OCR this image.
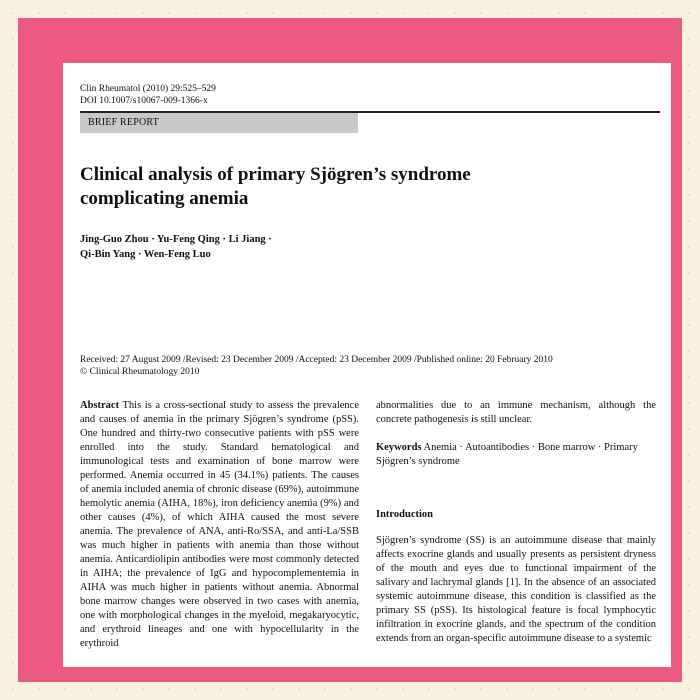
Clin Rheumatol (2010) 29:525–529
DOI 10.1007/s10067-009-1366-x
BRIEF REPORT
Clinical analysis of primary Sjögren’s syndrome complicating anemia
Jing-Guo Zhou · Yu-Feng Qing · Li Jiang ·
Qi-Bin Yang · Wen-Feng Luo
Received: 27 August 2009 /Revised: 23 December 2009 /Accepted: 23 December 2009 /Published online: 20 February 2010
© Clinical Rheumatology 2010

Abstract This is a cross-sectional study to assess the prevalence and causes of anemia in the primary Sjögren’s syndrome (pSS). One hundred and thirty-two consecutive patients with pSS were enrolled into the study. Standard hematological and immunological tests and examination of bone marrow were performed. Anemia occurred in 45 (34.1%) patients. The causes of anemia included anemia of chronic disease (69%), autoimmune hemolytic anemia (AIHA, 18%), iron deficiency anemia (9%) and other causes (4%), of which AIHA caused the most severe anemia. The prevalence of ANA, anti-Ro/SSA, and anti-La/SSB was much higher in patients with anemia than those without anemia. Anticardiolipin antibodies were most commonly detected in AIHA; the prevalence of IgG and hypocomplementemia in AIHA was much higher in patients without anemia. Abnormal bone marrow changes were observed in two cases with anemia, one with morphological changes in the myeloid, megakaryocytic, and erythroid lineages and one with hypocellularity in the erythroid

abnormalities due to an immune mechanism, although the concrete pathogenesis is still unclear.

Keywords Anemia · Autoantibodies · Bone marrow · Primary Sjögren’s syndrome

Introduction

Sjögren’s syndrome (SS) is an autoimmune disease that mainly affects exocrine glands and usually presents as persistent dryness of the mouth and eyes due to functional impairment of the salivary and lachrymal glands [1]. In the absence of an associated systemic autoimmune disease, this condition is classified as the primary SS (pSS). Its histological feature is focal lymphocytic infiltration in exocrine glands, and the spectrum of the condition extends from an organ-specific autoimmune disease to a systemic
